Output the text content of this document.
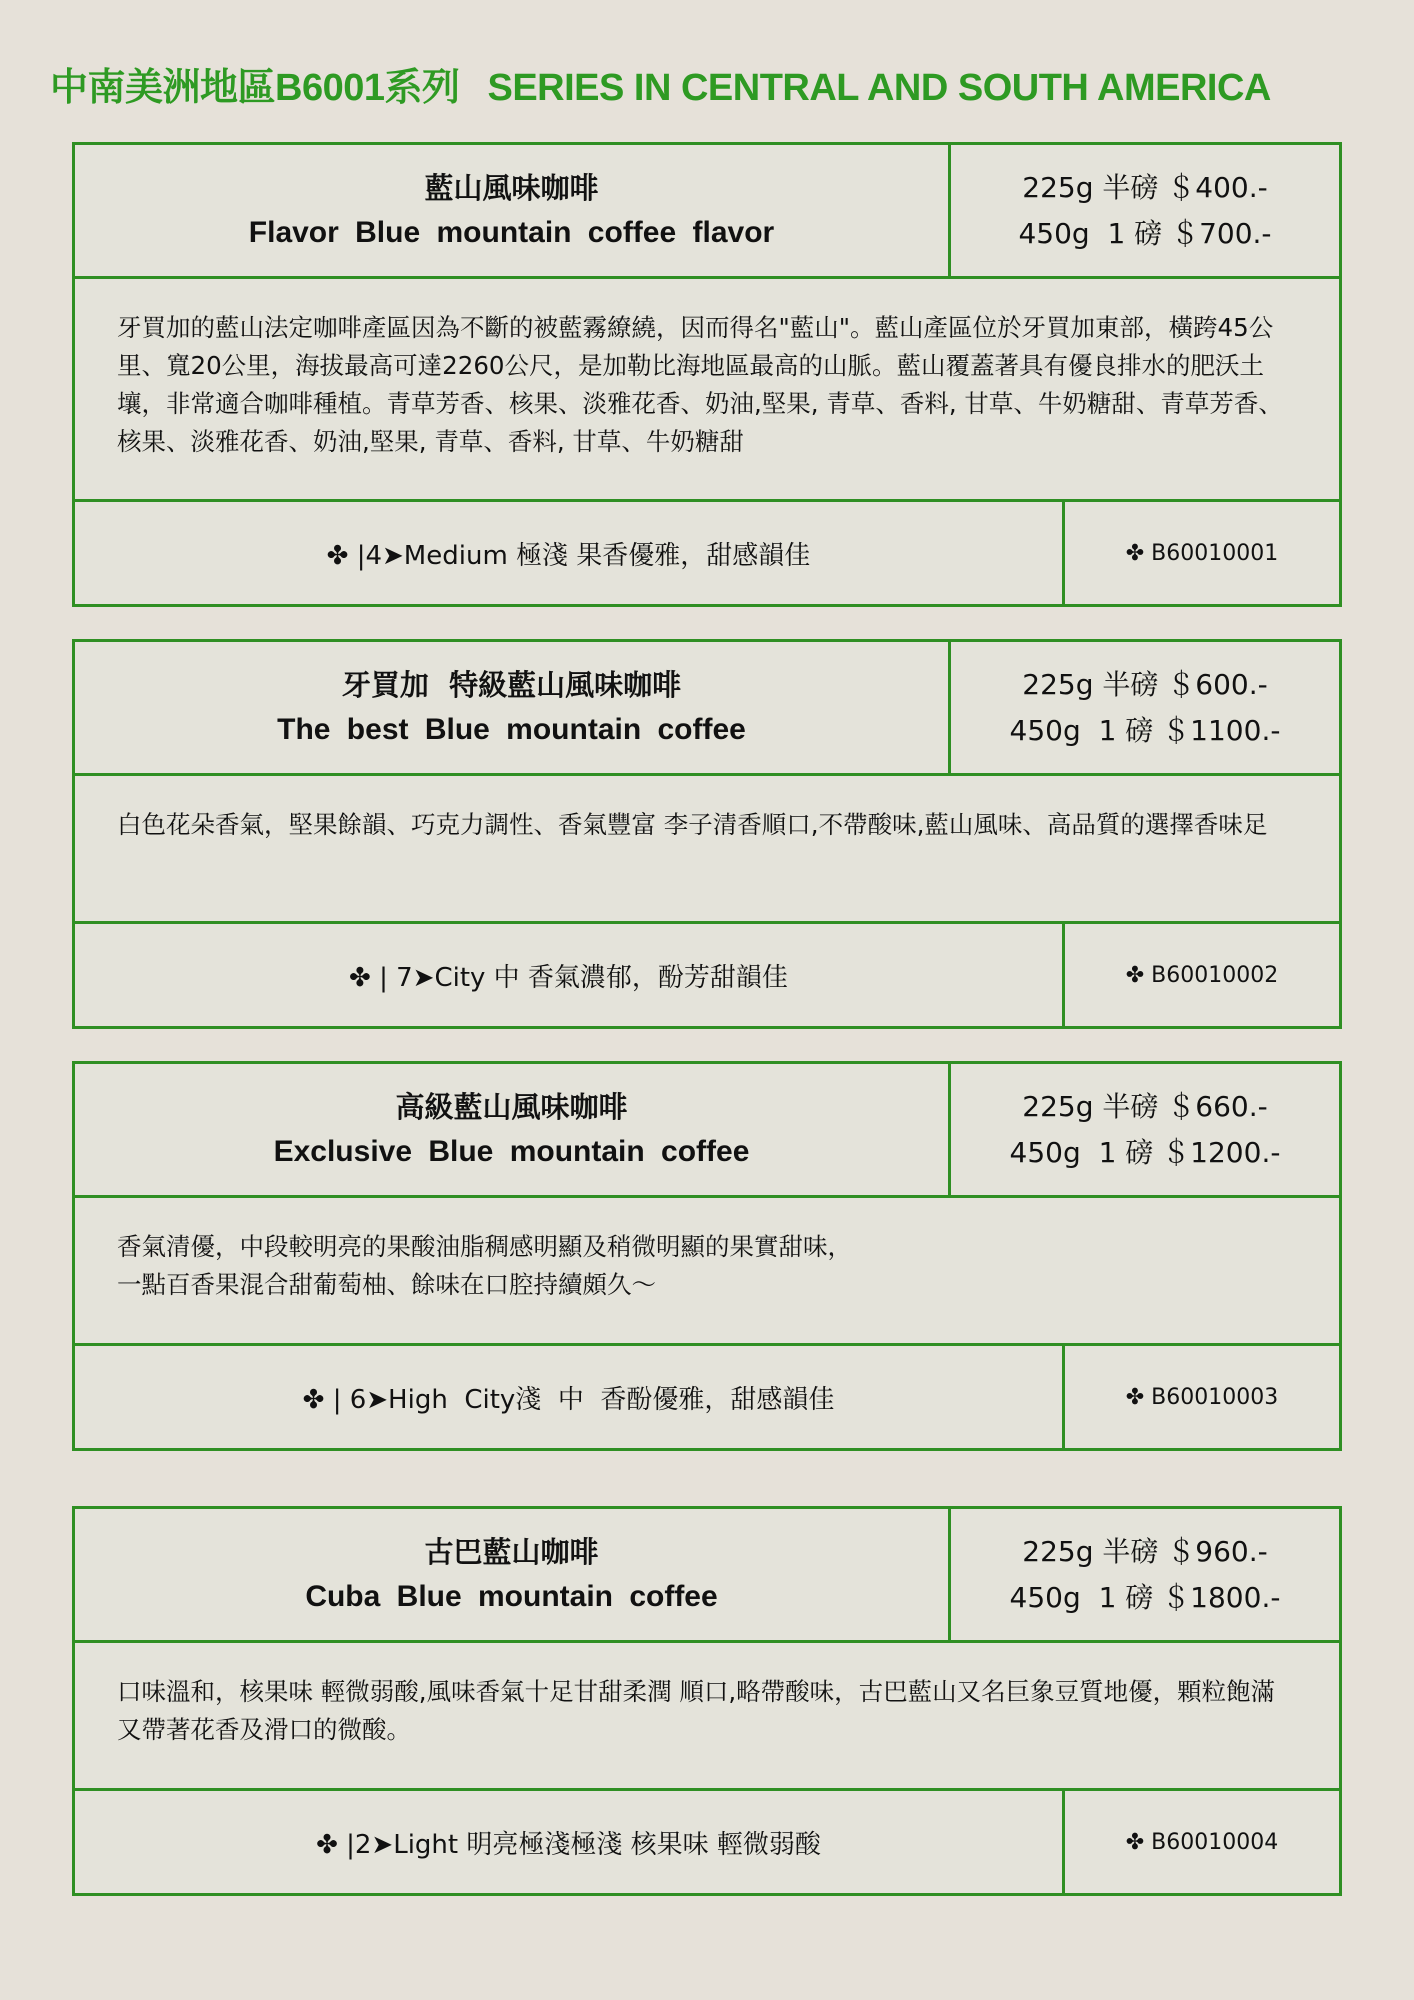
中南美洲地區B6001系列 SERIES IN CENTRAL AND SOUTH AMERICA
藍山風味咖啡
Flavor Blue mountain coffee flavor
225g 半磅 ＄400.-
450g  1 磅 ＄700.-

牙買加的藍山法定咖啡產區因為不斷的被藍霧繚繞，因而得名"藍山"。藍山產區位於牙買加東部，橫跨45公里、寬20公里，海拔最高可達2260公尺，是加勒比海地區最高的山脈。藍山覆蓋著具有優良排水的肥沃土壤，非常適合咖啡種植。青草芳香、核果、淡雅花香、奶油,堅果, 青草、香料, 甘草、牛奶糖甜、青草芳香、核果、淡雅花香、奶油,堅果, 青草、香料, 甘草、牛奶糖甜

✤ |4➤Medium 極淺 果香優雅，甜感韻佳	✤ B60010001
牙買加  特級藍山風味咖啡
The best Blue mountain coffee
225g 半磅 ＄600.-
450g  1 磅 ＄1100.-

白色花朵香氣，堅果餘韻、巧克力調性、香氣豐富 李子清香順口,不帶酸味,藍山風味、高品質的選擇香味足

✤ | 7➤City 中 香氣濃郁，酚芳甜韻佳	✤ B60010002
高級藍山風味咖啡
Exclusive Blue mountain coffee
225g 半磅 ＄660.-
450g  1 磅 ＄1200.-

香氣清優，中段較明亮的果酸油脂稠感明顯及稍微明顯的果實甜味，

一點百香果混合甜葡萄柚、餘味在口腔持續頗久～

✤ | 6➤High  City淺  中  香酚優雅，甜感韻佳	✤ B60010003
古巴藍山咖啡
Cuba Blue mountain coffee
225g 半磅 ＄960.-
450g  1 磅 ＄1800.-

口味溫和，核果味 輕微弱酸,風味香氣十足甘甜柔潤 順口,略帶酸味，古巴藍山又名巨象豆質地優，顆粒飽滿又帶著花香及滑口的微酸。

✤ |2➤Light 明亮極淺極淺 核果味 輕微弱酸	✤ B60010004
